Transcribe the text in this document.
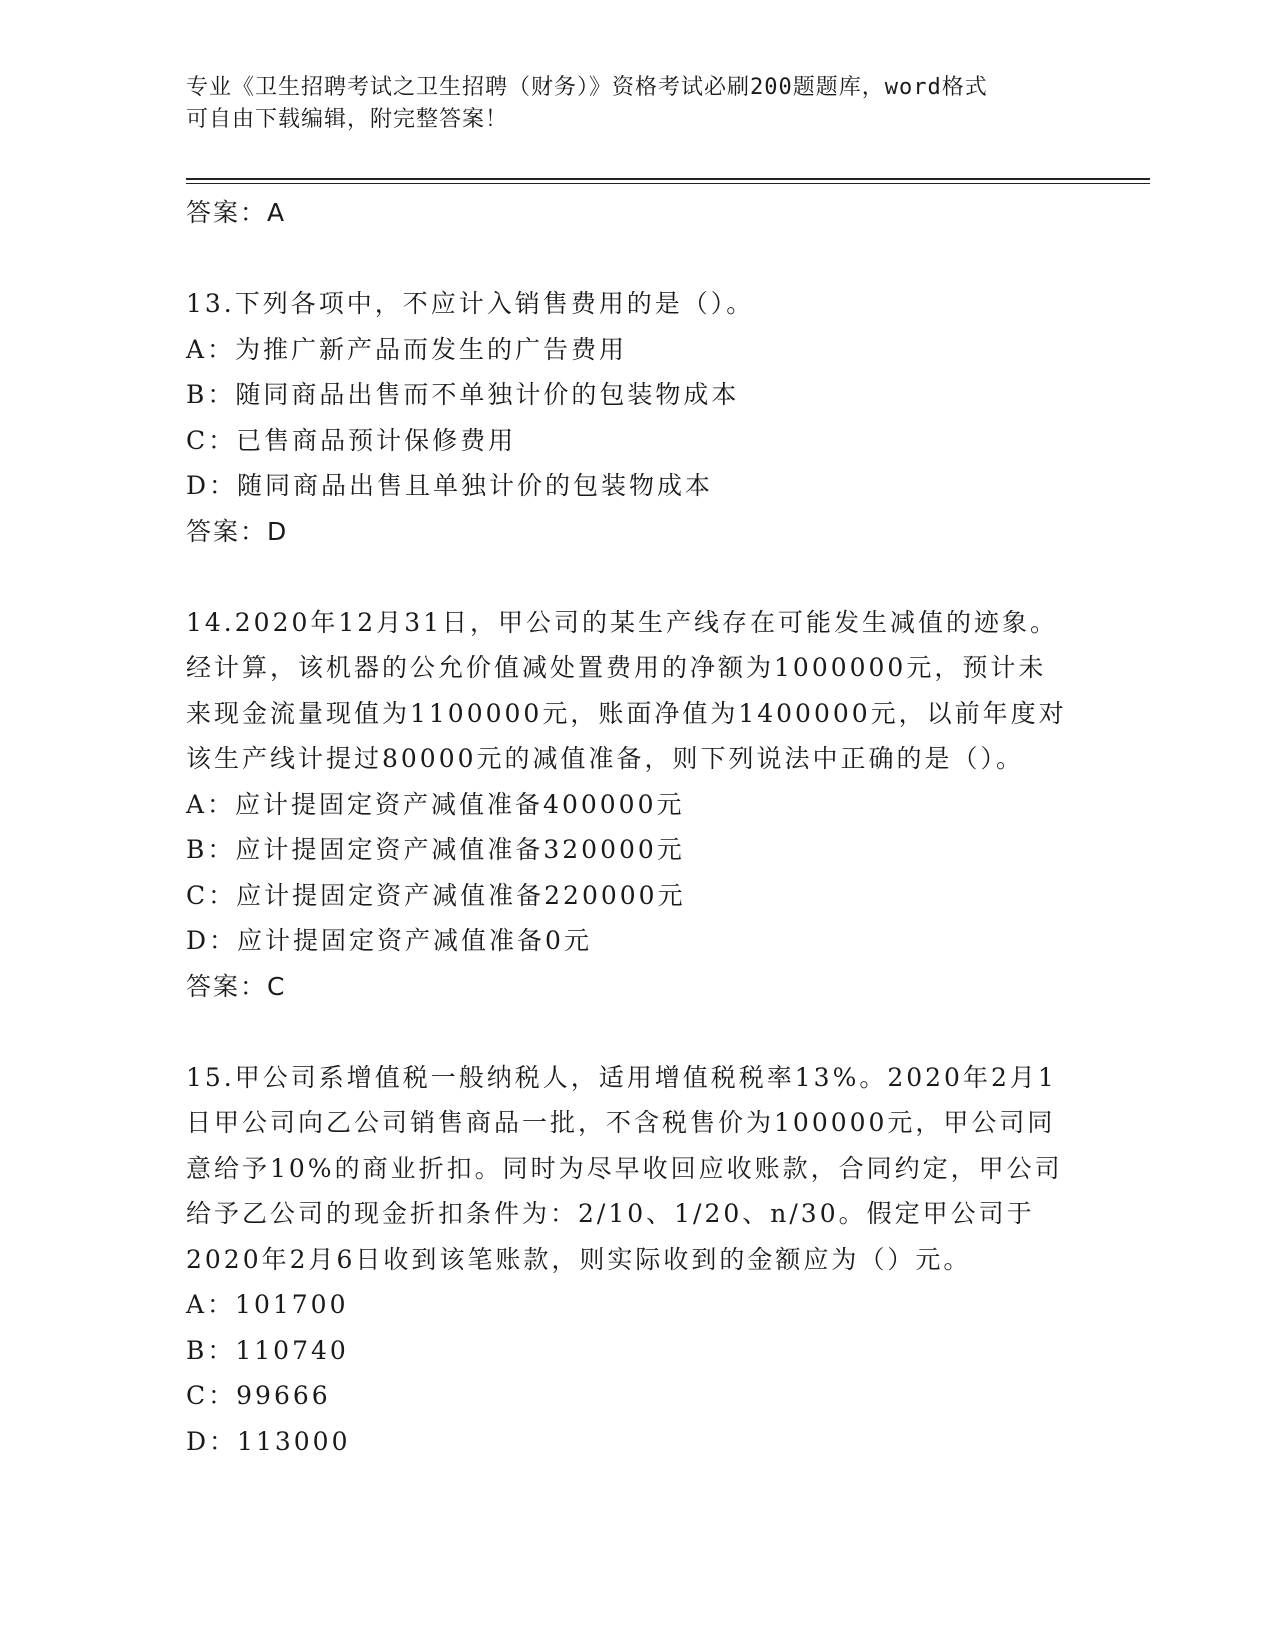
专业《卫生招聘考试之卫生招聘（财务）》资格考试必刷200题题库，word格式
可自由下载编辑，附完整答案！
答案：A
13.下列各项中，不应计入销售费用的是（）。
A：为推广新产品而发生的广告费用
B：随同商品出售而不单独计价的包装物成本
C：已售商品预计保修费用
D：随同商品出售且单独计价的包装物成本
答案：D
14.2020年12月31日，甲公司的某生产线存在可能发生减值的迹象。
经计算，该机器的公允价值减处置费用的净额为1000000元，预计未
来现金流量现值为1100000元，账面净值为1400000元，以前年度对
该生产线计提过80000元的减值准备，则下列说法中正确的是（）。
A：应计提固定资产减值准备400000元
B：应计提固定资产减值准备320000元
C：应计提固定资产减值准备220000元
D：应计提固定资产减值准备0元
答案：C
15.甲公司系增值税一般纳税人，适用增值税税率13%。2020年2月1
日甲公司向乙公司销售商品一批，不含税售价为100000元，甲公司同
意给予10%的商业折扣。同时为尽早收回应收账款，合同约定，甲公司
给予乙公司的现金折扣条件为：2/10、1/20、n/30。假定甲公司于
2020年2月6日收到该笔账款，则实际收到的金额应为（）元。
A：101700
B：110740
C：99666
D：113000
